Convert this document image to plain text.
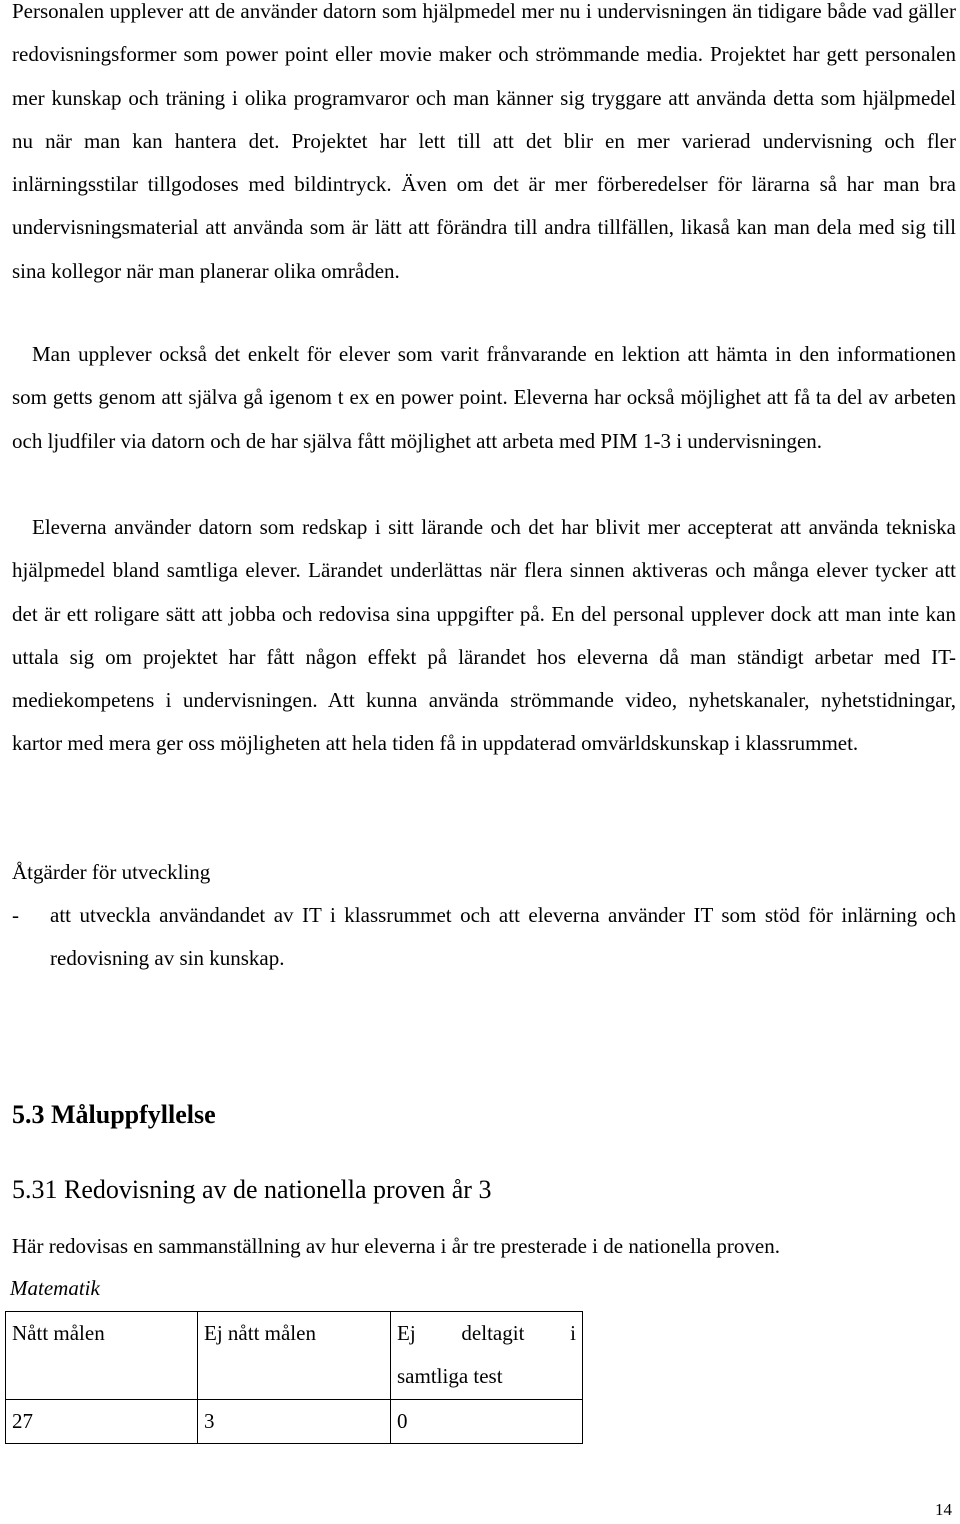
Personalen upplever att de använder datorn som hjälpmedel mer nu i undervisningen än tidigare både vad gäller redovisningsformer som power point eller movie maker och strömmande media. Projektet har gett personalen mer kunskap och träning i olika programvaror och man känner sig tryggare att använda detta som hjälpmedel nu när man kan hantera det. Projektet har lett till att det blir en mer varierad undervisning och fler inlärningsstilar tillgodoses med bildintryck. Även om det är mer förberedelser för lärarna så har man bra undervisningsmaterial att använda som är lätt att förändra till andra tillfällen, likaså kan man dela med sig till sina kollegor när man planerar olika områden.

Man upplever också det enkelt för elever som varit frånvarande en lektion att hämta in den informationen som getts genom att själva gå igenom t ex en power point. Eleverna har också möjlighet att få ta del av arbeten och ljudfiler via datorn och de har själva fått möjlighet att arbeta med PIM 1-3 i undervisningen.

Eleverna använder datorn som redskap i sitt lärande och det har blivit mer accepterat att använda tekniska hjälpmedel bland samtliga elever. Lärandet underlättas när flera sinnen aktiveras och många elever tycker att det är ett roligare sätt att jobba och redovisa sina uppgifter på. En del personal upplever dock att man inte kan uttala sig om projektet har fått någon effekt på lärandet hos eleverna då man ständigt arbetar med IT-mediekompetens i undervisningen. Att kunna använda strömmande video, nyhetskanaler, nyhetstidningar, kartor med mera ger oss möjligheten att hela tiden få in uppdaterad omvärldskunskap i klassrummet.

Åtgärder för utveckling
- att utveckla användandet av IT i klassrummet och att eleverna använder IT som stöd för inlärning och redovisning av sin kunskap.
5.3 Måluppfyllelse
5.31 Redovisning av de nationella proven år 3

Här redovisas en sammanställning av hur eleverna i år tre presterade i de nationella proven.

Matematik

Nått målen	Ej nått målen	Ej deltagit i
samtliga test

27	3	0
14
